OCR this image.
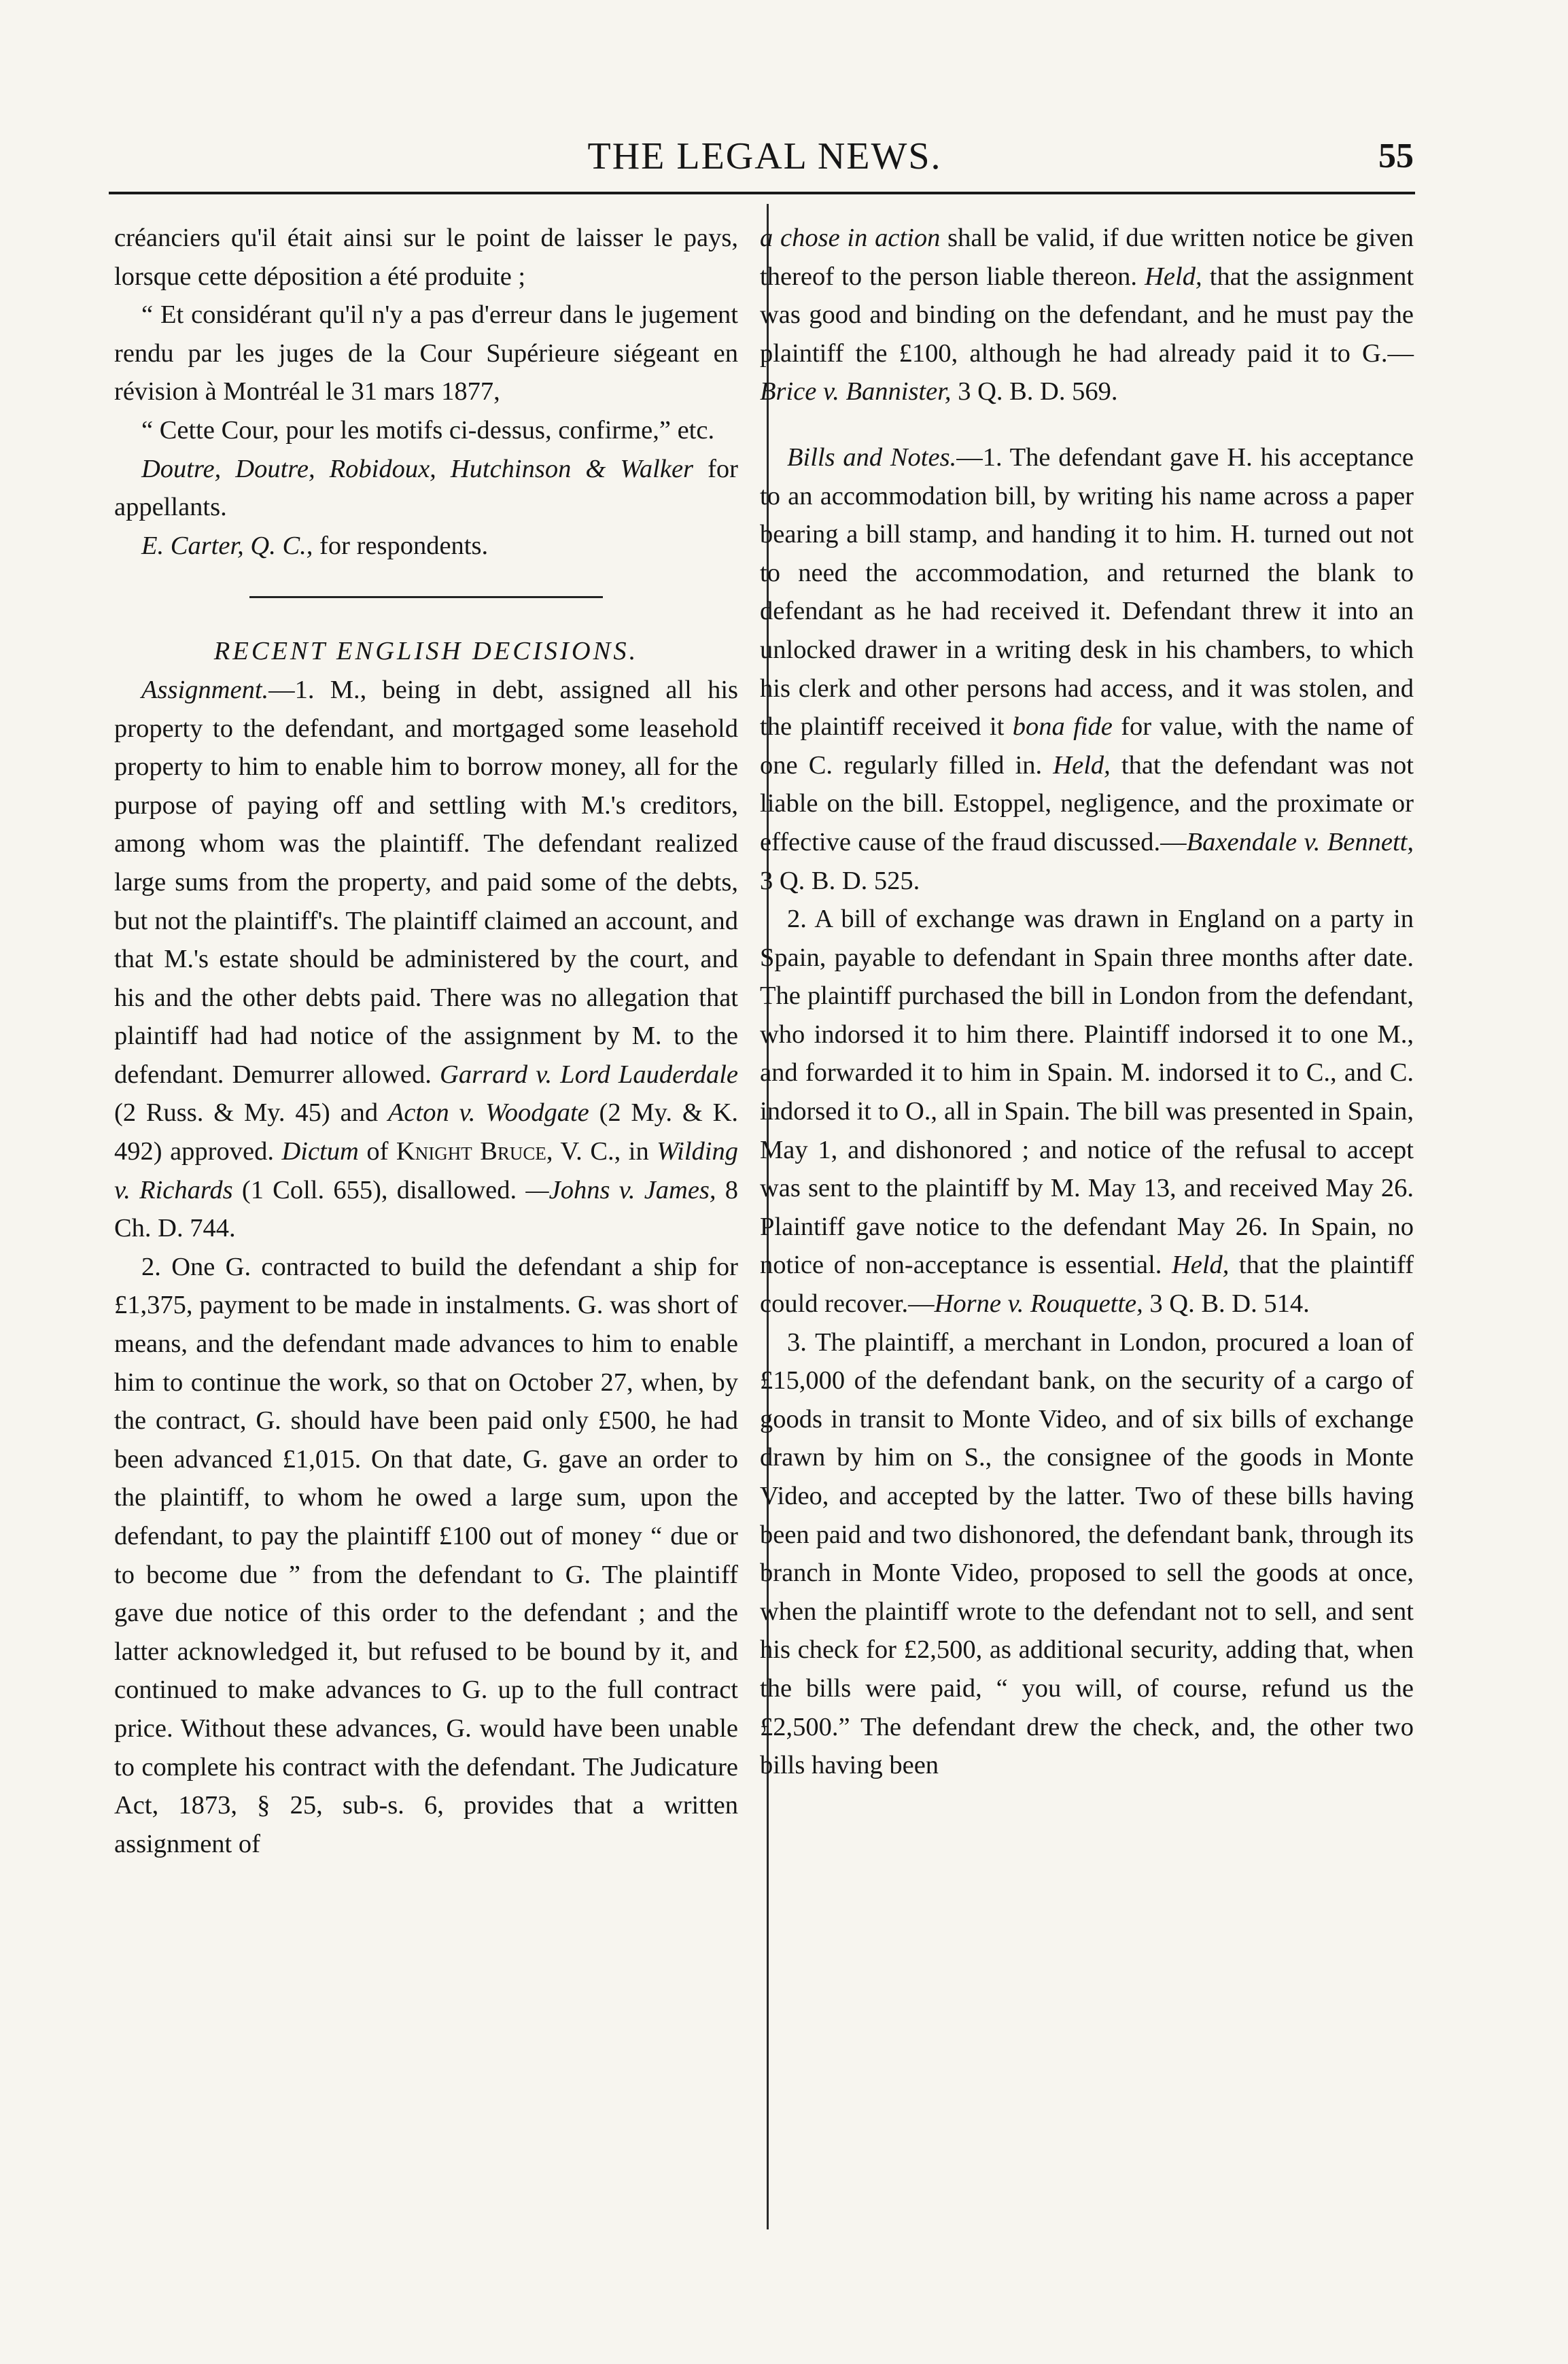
THE LEGAL NEWS.	55

créanciers qu'il était ainsi sur le point de laisser le pays, lorsque cette déposition a été produite ;

“ Et considérant qu'il n'y a pas d'erreur dans le jugement rendu par les juges de la Cour Supérieure siégeant en révision à Montréal le 31 mars 1877,

“ Cette Cour, pour les motifs ci-dessus, confirme,” etc.

Doutre, Doutre, Robidoux, Hutchinson & Walker for appellants.

E. Carter, Q. C., for respondents.

RECENT ENGLISH DECISIONS.

Assignment.—1. M., being in debt, assigned all his property to the defendant, and mortgaged some leasehold property to him to enable him to borrow money, all for the purpose of paying off and settling with M.'s creditors, among whom was the plaintiff. The defendant realized large sums from the property, and paid some of the debts, but not the plaintiff's. The plaintiff claimed an account, and that M.'s estate should be administered by the court, and his and the other debts paid. There was no allegation that plaintiff had had notice of the assignment by M. to the defendant. Demurrer allowed. Garrard v. Lord Lauderdale (2 Russ. & My. 45) and Acton v. Woodgate (2 My. & K. 492) approved. Dictum of Knight Bruce, V. C., in Wilding v. Richards (1 Coll. 655), disallowed. —Johns v. James, 8 Ch. D. 744.

2. One G. contracted to build the defendant a ship for £1,375, payment to be made in instalments. G. was short of means, and the defendant made advances to him to enable him to continue the work, so that on October 27, when, by the contract, G. should have been paid only £500, he had been advanced £1,015. On that date, G. gave an order to the plaintiff, to whom he owed a large sum, upon the defendant, to pay the plaintiff £100 out of money “ due or to become due ” from the defendant to G. The plaintiff gave due notice of this order to the defendant ; and the latter acknowledged it, but refused to be bound by it, and continued to make advances to G. up to the full contract price. Without these advances, G. would have been unable to complete his contract with the defendant. The Judicature Act, 1873, § 25, sub-s. 6, provides that a written assignment of

a chose in action shall be valid, if due written notice be given thereof to the person liable thereon. Held, that the assignment was good and binding on the defendant, and he must pay the plaintiff the £100, although he had already paid it to G.—Brice v. Bannister, 3 Q. B. D. 569.

Bills and Notes.—1. The defendant gave H. his acceptance to an accommodation bill, by writing his name across a paper bearing a bill stamp, and handing it to him. H. turned out not to need the accommodation, and returned the blank to defendant as he had received it. Defendant threw it into an unlocked drawer in a writing desk in his chambers, to which his clerk and other persons had access, and it was stolen, and the plaintiff received it bona fide for value, with the name of one C. regularly filled in. Held, that the defendant was not liable on the bill. Estoppel, negligence, and the proximate or effective cause of the fraud discussed.—Baxendale v. Bennett, 3 Q. B. D. 525.

2. A bill of exchange was drawn in England on a party in Spain, payable to defendant in Spain three months after date. The plaintiff purchased the bill in London from the defendant, who indorsed it to him there. Plaintiff indorsed it to one M., and forwarded it to him in Spain. M. indorsed it to C., and C. indorsed it to O., all in Spain. The bill was presented in Spain, May 1, and dishonored ; and notice of the refusal to accept was sent to the plaintiff by M. May 13, and received May 26. Plaintiff gave notice to the defendant May 26. In Spain, no notice of non-acceptance is essential. Held, that the plaintiff could recover.—Horne v. Rouquette, 3 Q. B. D. 514.

3. The plaintiff, a merchant in London, procured a loan of £15,000 of the defendant bank, on the security of a cargo of goods in transit to Monte Video, and of six bills of exchange drawn by him on S., the consignee of the goods in Monte Video, and accepted by the latter. Two of these bills having been paid and two dishonored, the defendant bank, through its branch in Monte Video, proposed to sell the goods at once, when the plaintiff wrote to the defendant not to sell, and sent his check for £2,500, as additional security, adding that, when the bills were paid, “ you will, of course, refund us the £2,500.” The defendant drew the check, and, the other two bills having been
